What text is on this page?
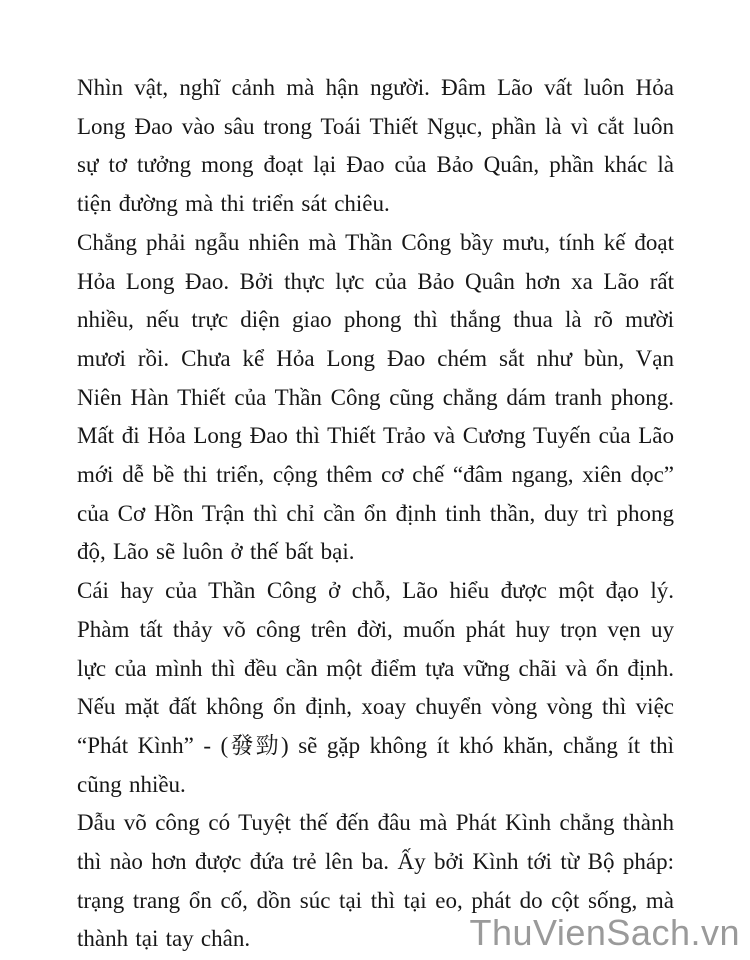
Nhìn vật, nghĩ cảnh mà hận người. Đâm Lão vất luôn Hỏa Long Đao vào sâu trong Toái Thiết Ngục, phần là vì cắt luôn sự tơ tưởng mong đoạt lại Đao của Bảo Quân, phần khác là tiện đường mà thi triển sát chiêu.

Chẳng phải ngẫu nhiên mà Thần Công bầy mưu, tính kế đoạt Hỏa Long Đao. Bởi thực lực của Bảo Quân hơn xa Lão rất nhiều, nếu trực diện giao phong thì thắng thua là rõ mười mươi rồi. Chưa kể Hỏa Long Đao chém sắt như bùn, Vạn Niên Hàn Thiết của Thần Công cũng chẳng dám tranh phong. Mất đi Hỏa Long Đao thì Thiết Trảo và Cương Tuyến của Lão mới dễ bề thi triển, cộng thêm cơ chế “đâm ngang, xiên dọc” của Cơ Hồn Trận thì chỉ cần ổn định tinh thần, duy trì phong độ, Lão sẽ luôn ở thế bất bại.

Cái hay của Thần Công ở chỗ, Lão hiểu được một đạo lý. Phàm tất thảy võ công trên đời, muốn phát huy trọn vẹn uy lực của mình thì đều cần một điểm tựa vững chãi và ổn định. Nếu mặt đất không ổn định, xoay chuyển vòng vòng thì việc “Phát Kình” - (發勁) sẽ gặp không ít khó khăn, chẳng ít thì cũng nhiều.

Dẫu võ công có Tuyệt thế đến đâu mà Phát Kình chẳng thành thì nào hơn được đứa trẻ lên ba. Ấy bởi Kình tới từ Bộ pháp: trạng trang ổn cố, dồn súc tại thì tại eo, phát do cột sống, mà thành tại tay chân.	ThuVienSach.vn
